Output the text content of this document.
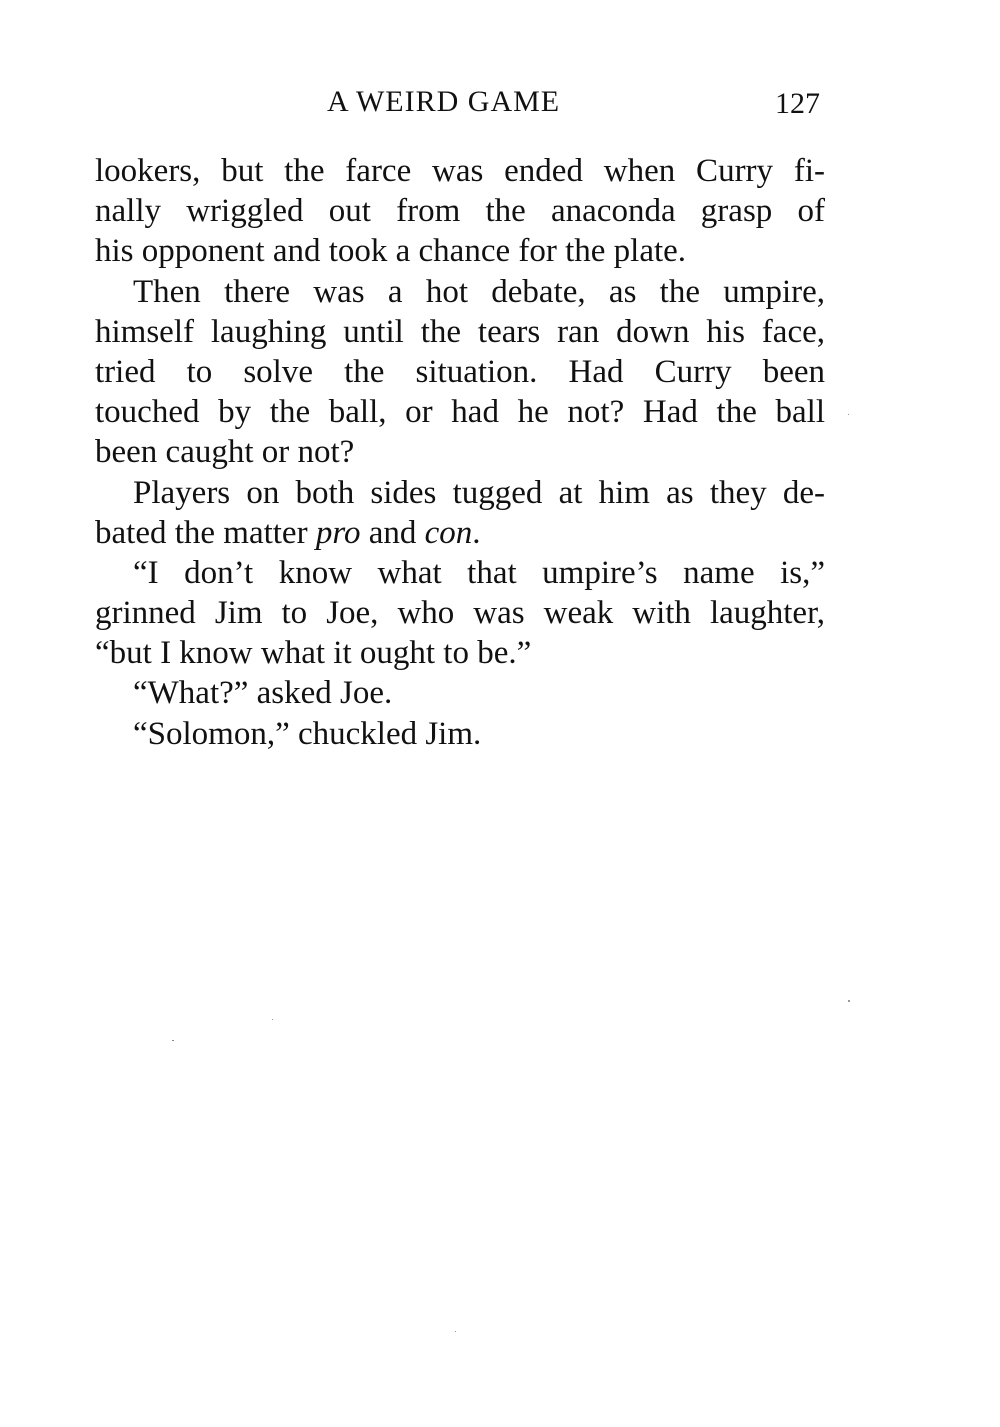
A WEIRD GAME	127
lookers, but the farce was ended when Curry fi-
nally wriggled out from the anaconda grasp of
his opponent and took a chance for the plate.
Then there was a hot debate, as the umpire,
himself laughing until the tears ran down his face,
tried to solve the situation. Had Curry been
touched by the ball, or had he not? Had the ball
been caught or not?
Players on both sides tugged at him as they de-
bated the matter pro and con.
“I don’t know what that umpire’s name is,”
grinned Jim to Joe, who was weak with laughter,
“but I know what it ought to be.”
“What?” asked Joe.
“Solomon,” chuckled Jim.
